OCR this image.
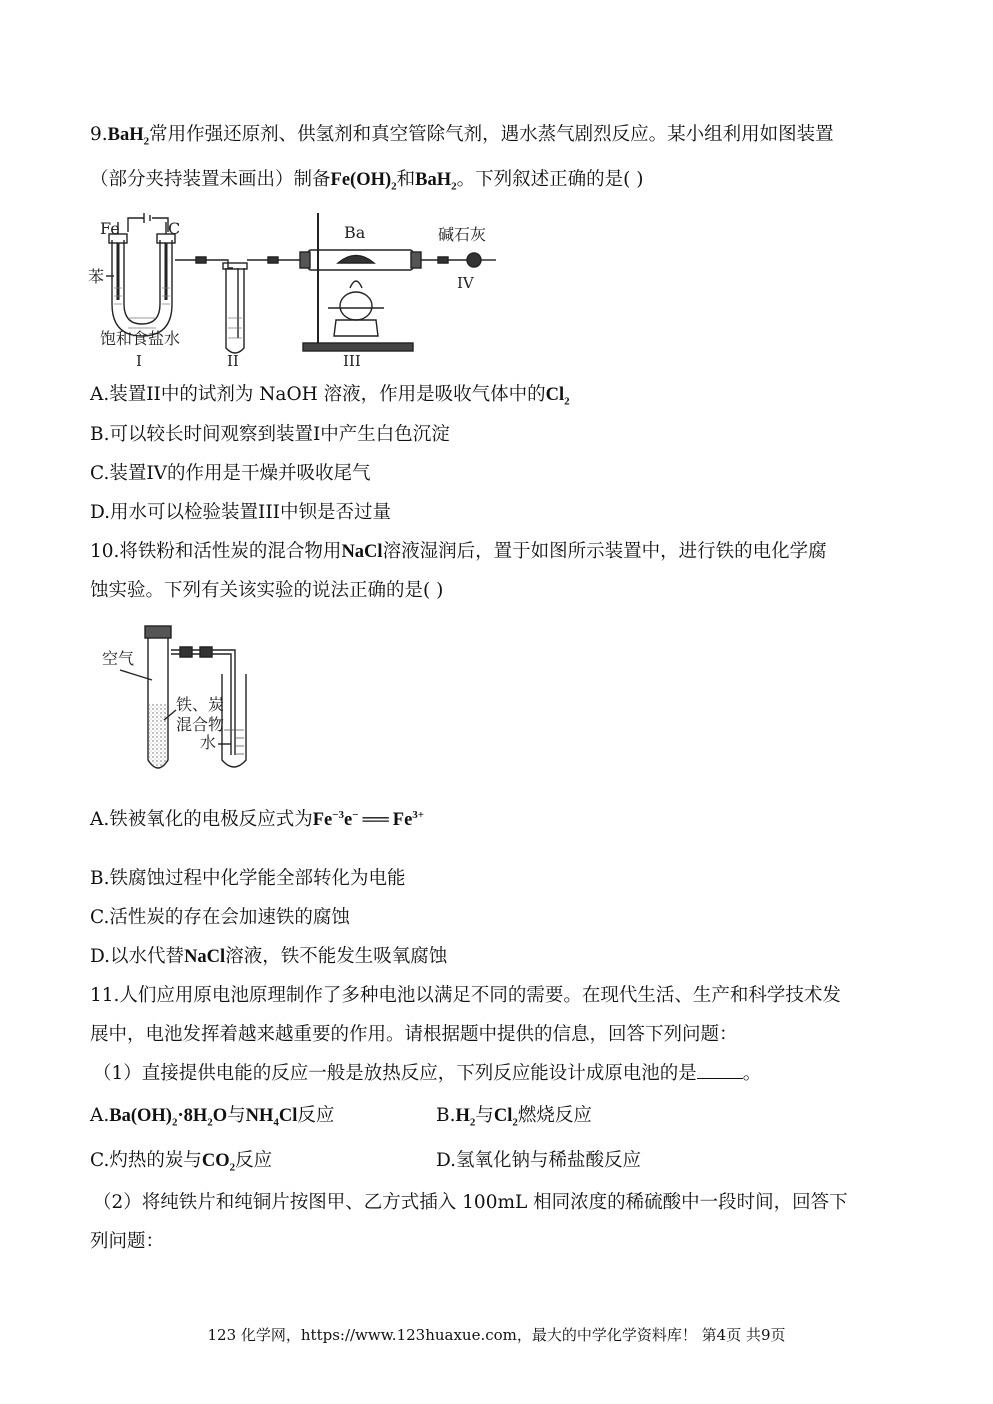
9.BaH$_2$常用作强还原剂、供氢剂和真空管除气剂，遇水蒸气剧烈反应。某小组利用如图装置
（部分夹持装置未画出）制备$Fe(OH)_2$和BaH$_2$。下列叙述正确的是( )
Fe	C
苯
饱和食盐水
Ba	碱石灰
I	II	III
IV
A.装置II中的试剂为 NaOH 溶液，作用是吸收气体中的$Cl_2$
B.可以较长时间观察到装置I中产生白色沉淀
C.装置IV的作用是干燥并吸收尾气
D.用水可以检验装置III中钡是否过量
10.将铁粉和活性炭的混合物用NaCl溶液湿润后，置于如图所示装置中，进行铁的电化学腐
蚀实验。下列有关该实验的说法正确的是( )
空气
铁、炭
混合物
水
A.铁被氧化的电极反应式为$Fe^{-3}e^-$ ══ $Fe^{3+}$
B.铁腐蚀过程中化学能全部转化为电能
C.活性炭的存在会加速铁的腐蚀
D.以水代替NaCl溶液，铁不能发生吸氧腐蚀
11.人们应用原电池原理制作了多种电池以满足不同的需要。在现代生活、生产和科学技术发
展中，电池发挥着越来越重要的作用。请根据题中提供的信息，回答下列问题：
（1）直接提供电能的反应一般是放热反应，下列反应能设计成原电池的是 。
$A.Ba(OH)_2\cdot 8H_2O$与$NH_4Cl$反应	$B.H_2$与$Cl_2$燃烧反应
C.灼热的炭与$CO_2$反应	D.氢氧化钠与稀盐酸反应
（2）将纯铁片和纯铜片按图甲、乙方式插入 100mL 相同浓度的稀硫酸中一段时间，回答下
列问题：
123 化学网，https://www.123huaxue.com，最大的中学化学资料库！ 第4页 共9页
